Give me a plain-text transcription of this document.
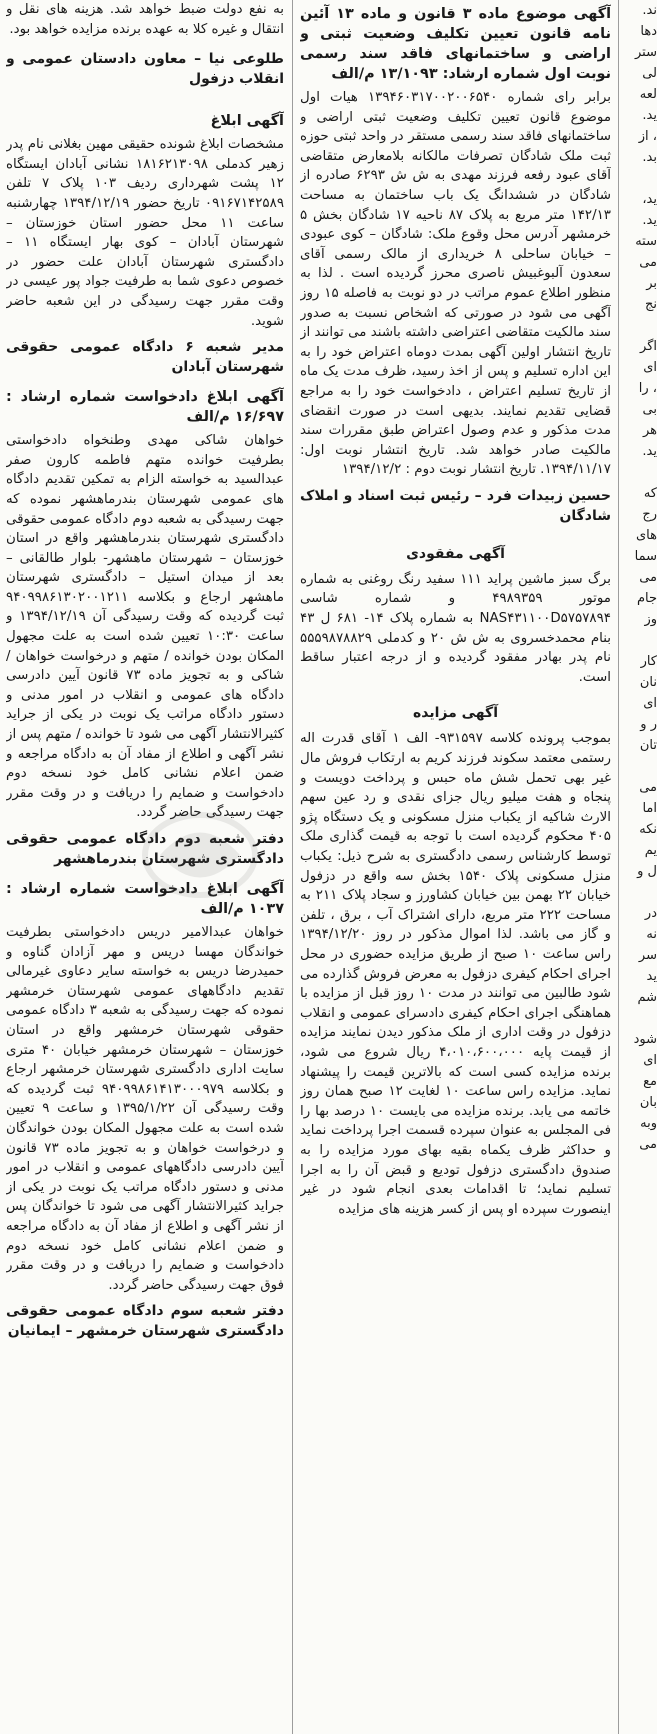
به نفع دولت ضبط خواهد شد. هزینه های نقل و انتقال و غیره کلا به عهده برنده مزایده خواهد بود.

طلوعی نیا – معاون دادستان عمومی و انقلاب دزفول
آگهی ابلاغ

مشخصات ابلاغ شونده حقیقی مهین بغلانی نام پدر زهیر کدملی ۱۸۱۶۲۱۳۰۹۸ نشانی آبادان ایستگاه ۱۲ پشت شهرداری ردیف ۱۰۳ پلاک ۷ تلفن ۰۹۱۶۷۱۴۲۵۸۹ تاریخ حضور ۱۳۹۴/۱۲/۱۹ چهارشنبه ساعت ۱۱ محل حضور استان خوزستان – شهرستان آبادان – کوی بهار ایستگاه ۱۱ – دادگستری شهرستان آبادان علت حضور در خصوص دعوی شما به طرفیت جواد پور عیسی در وقت مقرر جهت رسیدگی در این شعبه حاضر شوید.

مدیر شعبه ۶ دادگاه عمومی حقوقی شهرستان آبادان
آگهی ابلاغ دادخواست شماره ارشاد : ۱۶/۶۹۷ م/الف

خواهان شاکی مهدی وطنخواه دادخواستی بطرفیت خوانده متهم فاطمه کارون صفر عبدالسید به خواسته الزام به تمکین تقدیم دادگاه های عمومی شهرستان بندرماهشهر نموده که جهت رسیدگی به شعبه دوم دادگاه عمومی حقوقی دادگستری شهرستان بندرماهشهر واقع در استان خوزستان – شهرستان ماهشهر- بلوار طالقانی – بعد از میدان استیل – دادگستری شهرستان ماهشهر ارجاع و بکلاسه ۹۴۰۹۹۸۶۱۳۰۲۰۰۱۲۱۱ ثبت گردیده که وقت رسیدگی آن ۱۳۹۴/۱۲/۱۹ و ساعت ۱۰:۳۰ تعیین شده است به علت مجهول المکان بودن خوانده / متهم و درخواست خواهان / شاکی و به تجویز ماده ۷۳ قانون آیین دادرسی دادگاه های عمومی و انقلاب در امور مدنی و دستور دادگاه مراتب یک نوبت در یکی از جراید کثیرالانتشار آگهی می شود تا خوانده / متهم پس از نشر آگهی و اطلاع از مفاد آن به دادگاه مراجعه و ضمن اعلام نشانی کامل خود نسخه دوم دادخواست و ضمایم را دریافت و در وقت مقرر جهت رسیدگی حاضر گردد.

دفتر شعبه دوم دادگاه عمومی حقوقی دادگستری شهرستان بندرماهشهر
آگهی ابلاغ دادخواست شماره ارشاد : ۱۰۳۷ م/الف

خواهان عبدالامیر دریس دادخواستی بطرفیت خواندگان مهسا دریس و مهر آزادان گناوه و حمیدرضا دریس به خواسته سایر دعاوی غیرمالی تقدیم دادگاههای عمومی شهرستان خرمشهر نموده که جهت رسیدگی به شعبه ۳ دادگاه عمومی حقوقی شهرستان خرمشهر واقع در استان خوزستان – شهرستان خرمشهر خیابان ۴۰ متری سایت اداری دادگستری شهرستان خرمشهر ارجاع و بکلاسه ۹۴۰۹۹۸۶۱۴۱۳۰۰۰۹۷۹ ثبت گردیده که وقت رسیدگی آن ۱۳۹۵/۱/۲۲ و ساعت ۹ تعیین شده است به علت مجهول المکان بودن خواندگان و درخواست خواهان و به تجویز ماده ۷۳ قانون آیین دادرسی دادگاههای عمومی و انقلاب در امور مدنی و دستور دادگاه مراتب یک نوبت در یکی از جراید کثیرالانتشار آگهی می شود تا خواندگان پس از نشر آگهی و اطلاع از مفاد آن به دادگاه مراجعه و ضمن اعلام نشانی کامل خود نسخه دوم دادخواست و ضمایم را دریافت و در وقت مقرر فوق جهت رسیدگی حاضر گردد.

دفتر شعبه سوم دادگاه عمومی حقوقی دادگستری شهرستان خرمشهر – ایمانیان
آگهی موضوع ماده ۳ قانون و ماده ۱۳ آئین نامه قانون تعیین تکلیف وضعیت ثبتی و اراضی و ساختمانهای فاقد سند رسمی نوبت اول شماره ارشاد: ۱۳/۱۰۹۳ م/الف

برابر رای شماره ۱۳۹۴۶۰۳۱۷۰۰۲۰۰۶۵۴۰ هیات اول موضوع قانون تعیین تکلیف وضعیت ثبتی اراضی و ساختمانهای فاقد سند رسمی مستقر در واحد ثبتی حوزه ثبت ملک شادگان تصرفات مالکانه بلامعارض متقاضی آقای عبود رفعه فرزند مهدی به ش ش ۶۲۹۳ صادره از شادگان در ششدانگ یک باب ساختمان به مساحت ۱۴۲/۱۳ متر مربع به پلاک ۸۷ ناحیه ۱۷ شادگان بخش ۵ خرمشهر آدرس محل وقوع ملک: شادگان – کوی عبودی – خیابان ساحلی ۸ خریداری از مالک رسمی آقای سعدون آلبوغبیش ناصری محرز گردیده است . لذا به منظور اطلاع عموم مراتب در دو نوبت به فاصله ۱۵ روز آگهی می شود در صورتی که اشخاص نسبت به صدور سند مالکیت متقاضی اعتراضی داشته باشند می توانند از تاریخ انتشار اولین آگهی بمدت دوماه اعتراض خود را به این اداره تسلیم و پس از اخذ رسید، ظرف مدت یک ماه از تاریخ تسلیم اعتراض ، دادخواست خود را به مراجع قضایی تقدیم نمایند. بدیهی است در صورت انقضای مدت مذکور و عدم وصول اعتراض طبق مقررات سند مالکیت صادر خواهد شد. تاریخ انتشار نوبت اول: ۱۳۹۴/۱۱/۱۷. تاریخ انتشار نوبت دوم : ۱۳۹۴/۱۲/۲

حسین زبیدات فرد – رئیس ثبت اسناد و املاک شادگان
آگهی مفقودی

برگ سبز ماشین پراید ۱۱۱ سفید رنگ روغنی به شماره موتور ۴۹۸۹۳۵۹ و شماره شاسی NAS۴۳۱۱۰۰D۵۷۵۷۸۹۴ به شماره پلاک ۱۴- ۶۸۱ ل ۴۳ بنام محمدخسروی به ش ش ۲۰ و کدملی ۵۵۵۹۸۷۸۸۲۹ نام پدر بهادر مفقود گردیده و از درجه اعتبار ساقط است.

آگهی مزایده

بموجب پرونده کلاسه ۹۳۱۵۹۷- الف ۱ آقای قدرت اله رستمی معتمد سکوند فرزند کریم به ارتکاب فروش مال غیر بهی تحمل شش ماه حبس و پرداخت دویست و پنجاه و هفت میلیو ریال جزای نقدی و رد عین سهم الارث شاکیه از یکباب منزل مسکونی و یک دستگاه پژو ۴۰۵ محکوم گردیده است با توجه به قیمت گذاری ملک توسط کارشناس رسمی دادگستری به شرح ذیل: یکباب منزل مسکونی پلاک ۱۵۴۰ بخش سه واقع در دزفول خیابان ۲۲ بهمن بین خیابان کشاورز و سجاد پلاک ۲۱۱ به مساحت ۲۲۲ متر مربع، دارای اشتراک آب ، برق ، تلفن و گاز می باشد. لذا اموال مذکور در روز ۱۳۹۴/۱۲/۲۰ راس ساعت ۱۰ صبح از طریق مزایده حضوری در محل اجرای احکام کیفری دزفول به معرض فروش گذارده می شود طالبین می توانند در مدت ۱۰ روز قبل از مزایده با هماهنگی اجرای احکام کیفری دادسرای عمومی و انقلاب دزفول در وقت اداری از ملک مذکور دیدن نمایند مزایده از قیمت پایه ۴،۰۱۰،۶۰۰،۰۰۰ ریال شروع می شود، برنده مزایده کسی است که بالاترین قیمت را پیشنهاد نماید. مزایده راس ساعت ۱۰ لغایت ۱۲ صبح همان روز خاتمه می یابد. برنده مزایده می بایست ۱۰ درصد بها را فی المجلس به عنوان سپرده قسمت اجرا پرداخت نماید و حداکثر ظرف یکماه بقیه بهای مورد مزایده را به صندوق دادگستری دزفول تودیع و قبض آن را به اجرا تسلیم نماید؛ تا اقدامات بعدی انجام شود در غیر اینصورت سپرده او پس از کسر هزینه های مزایده

ند.
دها
ستر
لی
لعه
ید.
، از
بد.

ید،
ید.
سته
می
بر
نج

اگر
ای
، را
بی
هر
ید.

که
رج
های
سما
می
جام
وز

کار
نان
ای
ر و
تان

می
اما
نکه
یم
ل و

در
نه
سر
ید
شم

شود
ای
مع
بان
وبه
می
